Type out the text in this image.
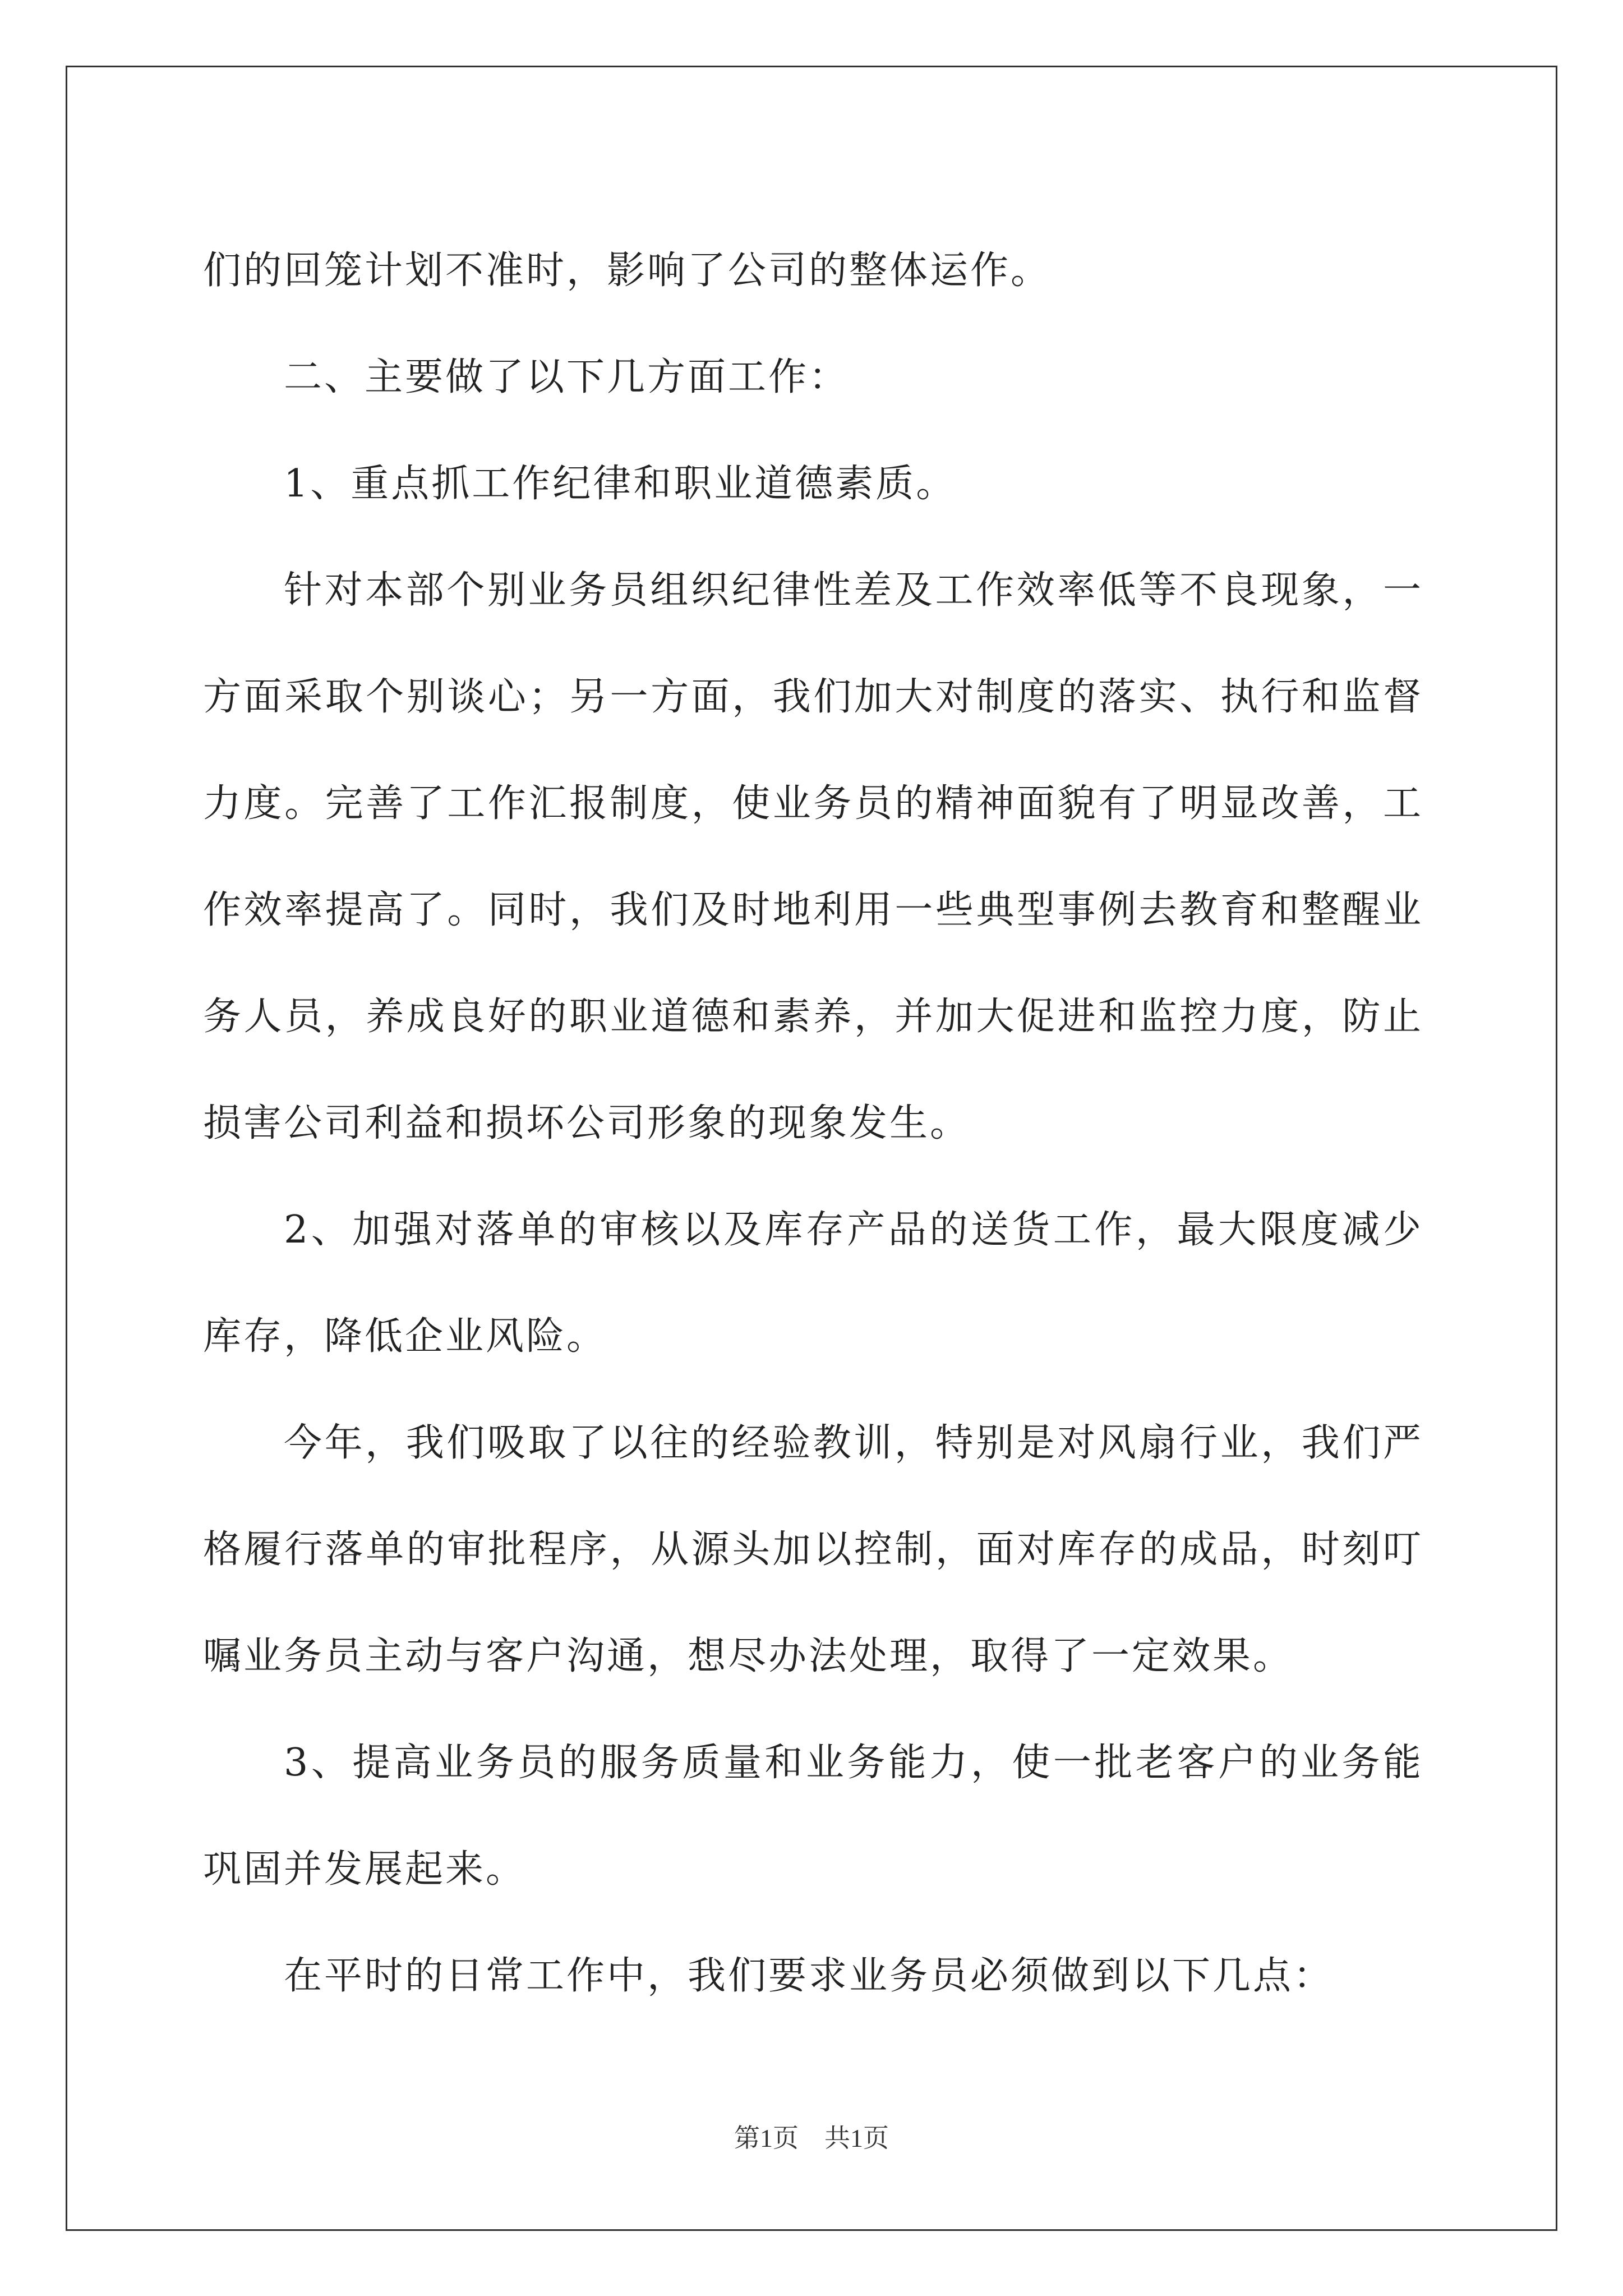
们的回笼计划不准时，影响了公司的整体运作。

二、主要做了以下几方面工作：

1、重点抓工作纪律和职业道德素质。

针对本部个别业务员组织纪律性差及工作效率低等不良现象，一方面采取个别谈心；另一方面，我们加大对制度的落实、执行和监督力度。完善了工作汇报制度，使业务员的精神面貌有了明显改善，工作效率提高了。同时，我们及时地利用一些典型事例去教育和整醒业务人员，养成良好的职业道德和素养，并加大促进和监控力度，防止损害公司利益和损坏公司形象的现象发生。

2、加强对落单的审核以及库存产品的送货工作，最大限度减少库存，降低企业风险。

今年，我们吸取了以往的经验教训，特别是对风扇行业，我们严格履行落单的审批程序，从源头加以控制，面对库存的成品，时刻叮嘱业务员主动与客户沟通，想尽办法处理，取得了一定效果。

3、提高业务员的服务质量和业务能力，使一批老客户的业务能巩固并发展起来。

在平时的日常工作中，我们要求业务员必须做到以下几点：

第1页　共1页
